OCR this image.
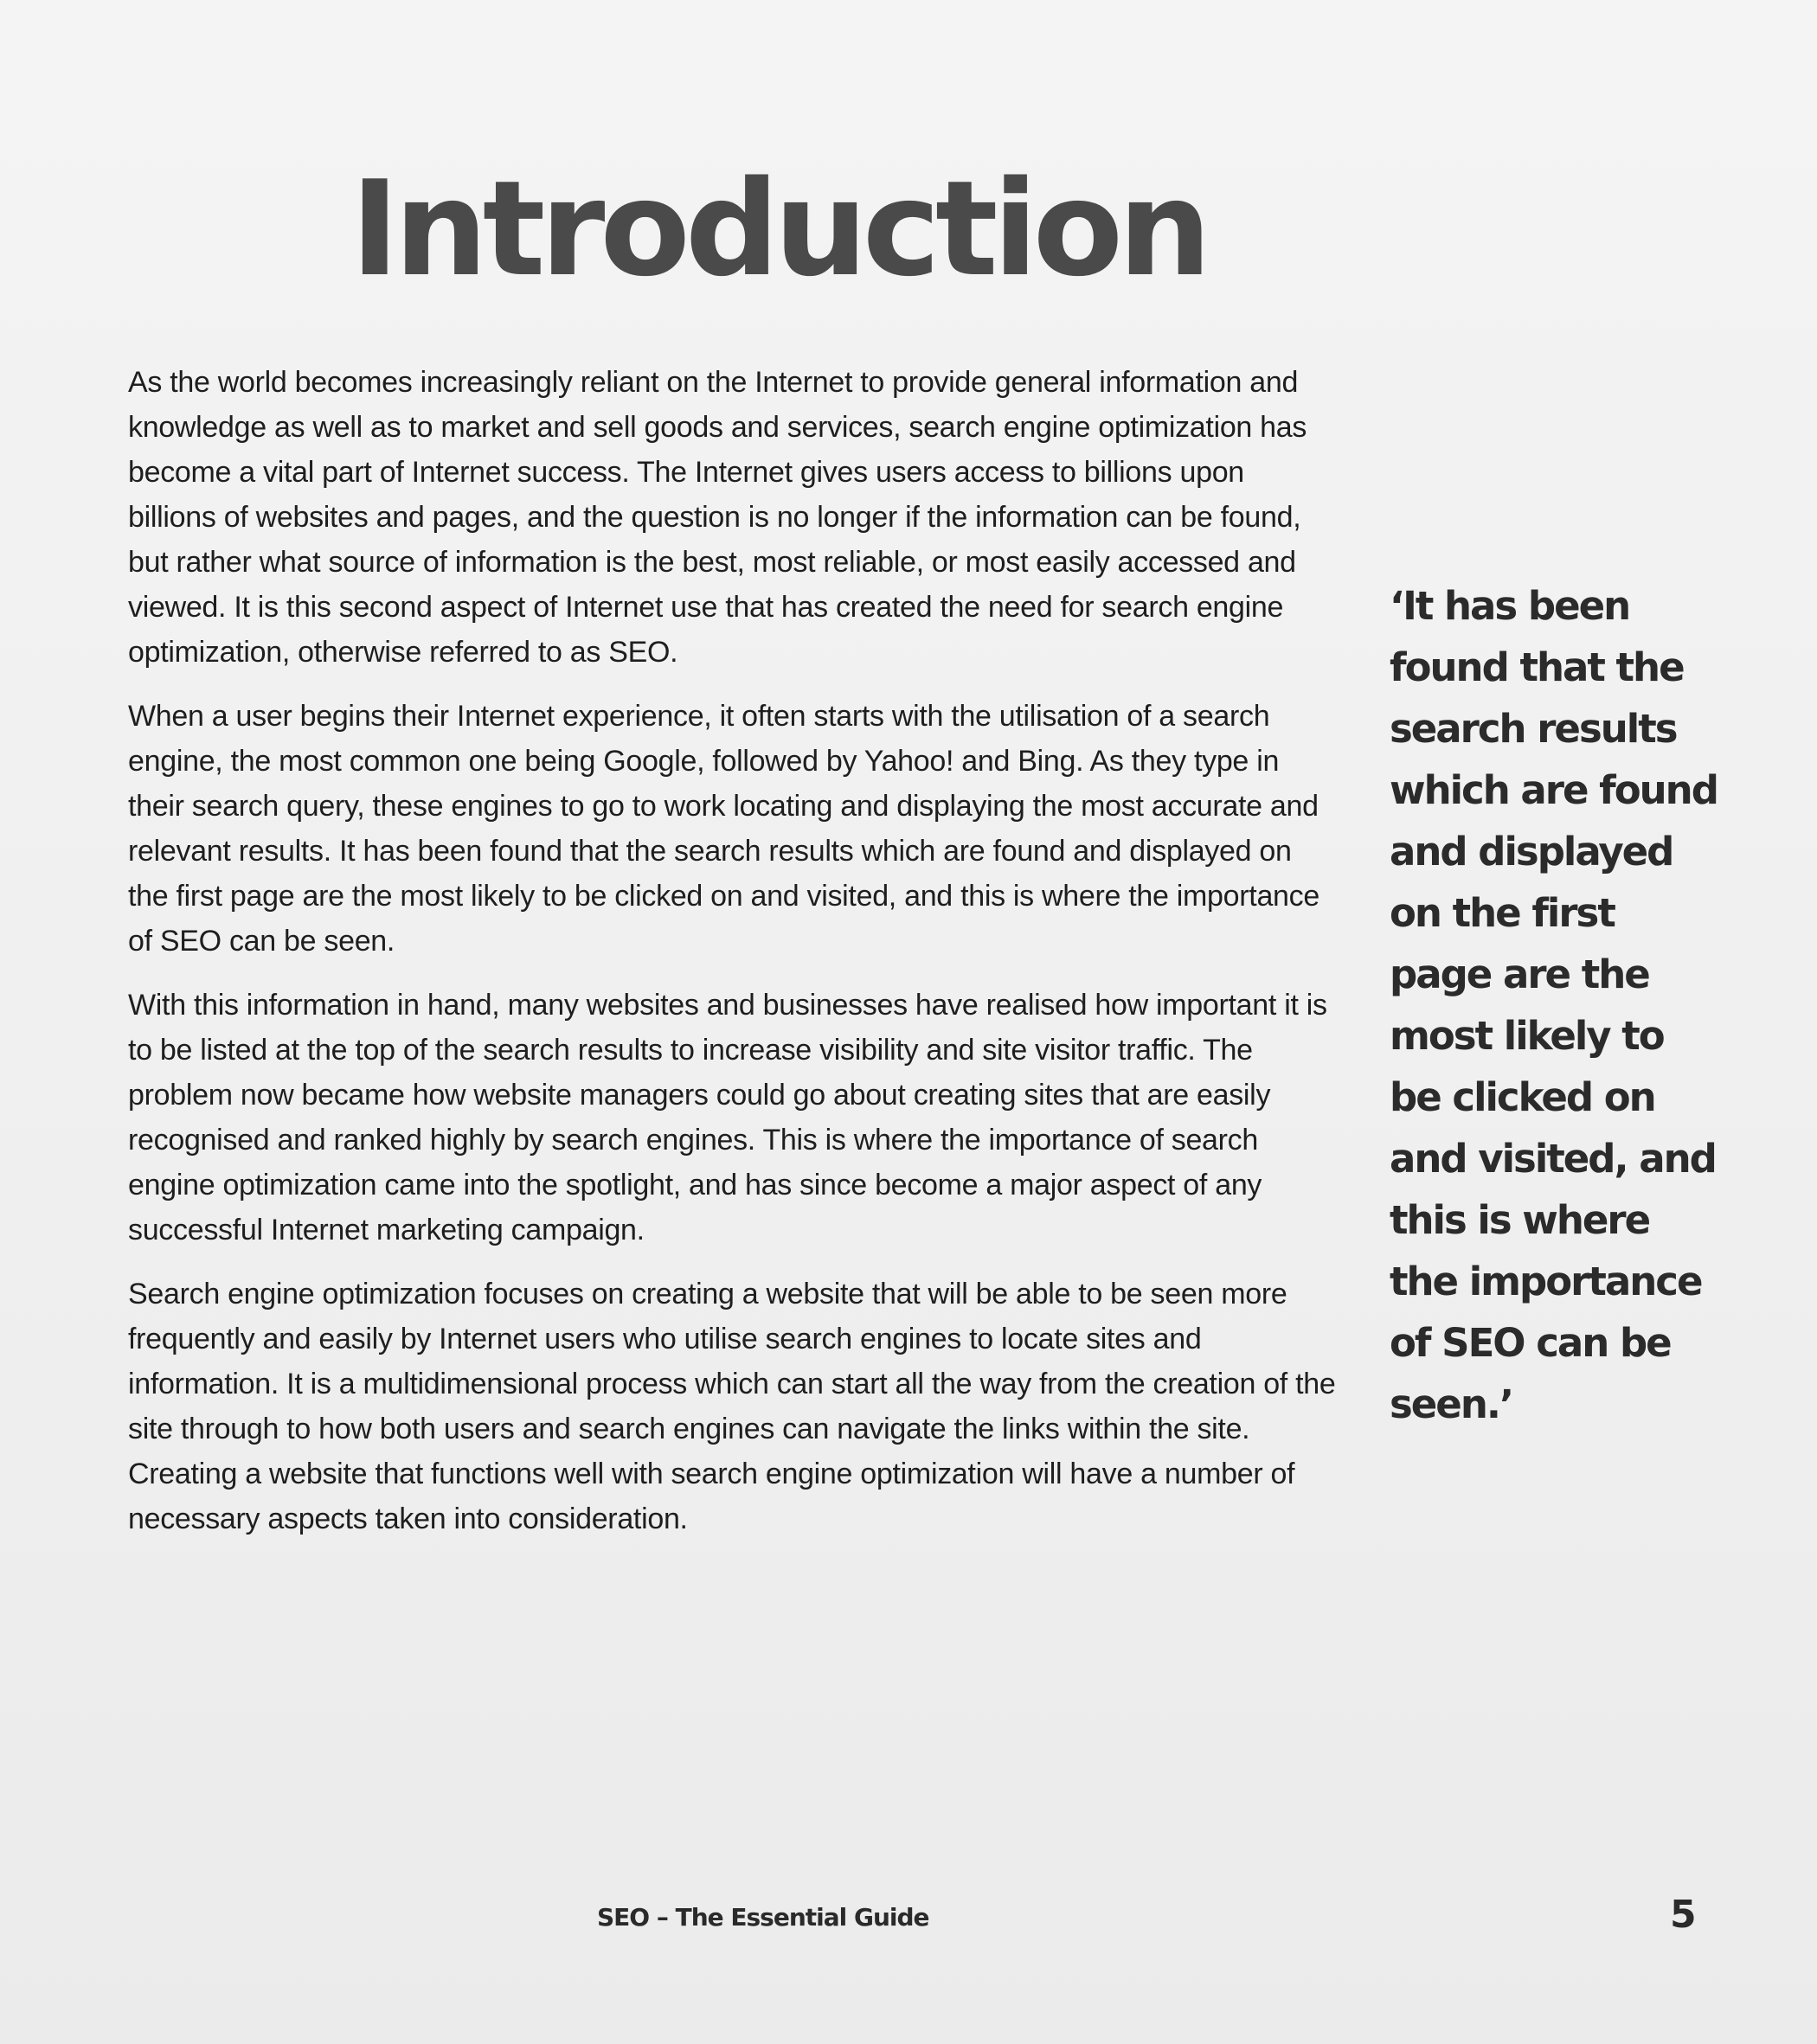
Introduction

As the world becomes increasingly reliant on the Internet to provide general information and knowledge as well as to market and sell goods and services, search engine optimization has become a vital part of Internet success. The Internet gives users access to billions upon billions of websites and pages, and the question is no longer if the information can be found, but rather what source of information is the best, most reliable, or most easily accessed and viewed. It is this second aspect of Internet use that has created the need for search engine optimization, otherwise referred to as SEO.

When a user begins their Internet experience, it often starts with the utilisation of a search engine, the most common one being Google, followed by Yahoo! and Bing. As they type in their search query, these engines to go to work locating and displaying the most accurate and relevant results. It has been found that the search results which are found and displayed on the first page are the most likely to be clicked on and visited, and this is where the importance of SEO can be seen.

With this information in hand, many websites and businesses have realised how important it is to be listed at the top of the search results to increase visibility and site visitor traffic. The problem now became how website managers could go about creating sites that are easily recognised and ranked highly by search engines. This is where the importance of search engine optimization came into the spotlight, and has since become a major aspect of any successful Internet marketing campaign.

Search engine optimization focuses on creating a website that will be able to be seen more frequently and easily by Internet users who utilise search engines to locate sites and information. It is a multidimensional process which can start all the way from the creation of the site through to how both users and search engines can navigate the links within the site. Creating a website that functions well with search engine optimization will have a number of necessary aspects taken into consideration.

‘It has been found that the search results which are found and displayed on the first page are the most likely to be clicked on and visited, and this is where the importance of SEO can be seen.’

SEO – The Essential Guide	5
